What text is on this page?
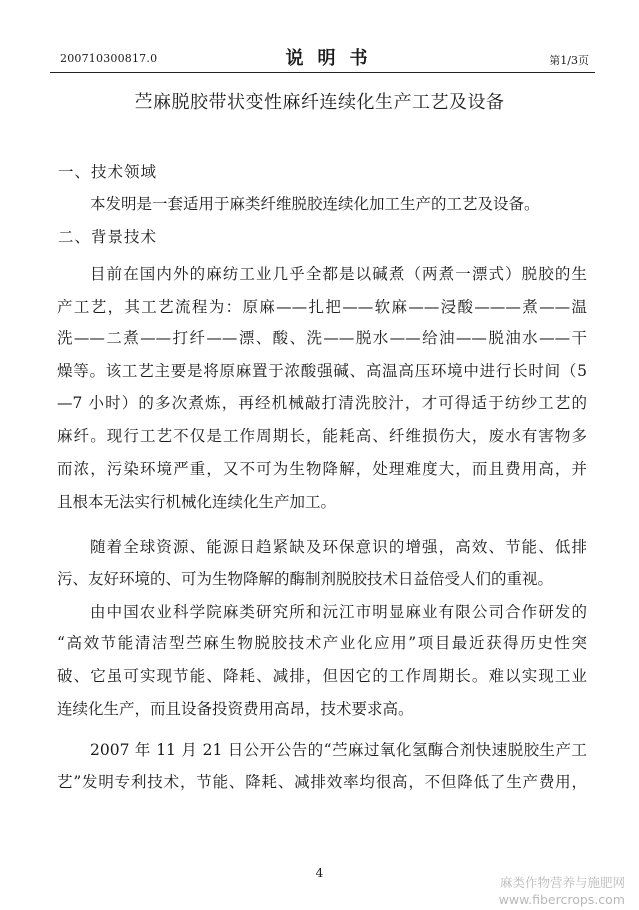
200710300817.0	说明书	第1/3页
苎麻脱胶带状变性麻纤连续化生产工艺及设备
一、技术领域
本发明是一套适用于麻类纤维脱胶连续化加工生产的工艺及设备。
二、背景技术
目前在国内外的麻纺工业几乎全都是以碱煮（两煮一漂式）脱胶的生
产工艺，其工艺流程为：原麻——扎把——软麻——浸酸———煮——温
洗——二煮——打纤——漂、酸、洗——脱水——给油——脱油水——干
燥等。该工艺主要是将原麻置于浓酸强碱、高温高压环境中进行长时间（5
—7 小时）的多次煮炼，再经机械敲打清洗胶汁，才可得适于纺纱工艺的
麻纤。现行工艺不仅是工作周期长，能耗高、纤维损伤大，废水有害物多
而浓，污染环境严重，又不可为生物降解，处理难度大，而且费用高，并
且根本无法实行机械化连续化生产加工。
随着全球资源、能源日趋紧缺及环保意识的增强，高效、节能、低排
污、友好环境的、可为生物降解的酶制剂脱胶技术日益倍受人们的重视。
由中国农业科学院麻类研究所和沅江市明显麻业有限公司合作研发的
“高效节能清洁型苎麻生物脱胶技术产业化应用”项目最近获得历史性突
破、它虽可实现节能、降耗、减排，但因它的工作周期长。难以实现工业
连续化生产，而且设备投资费用高昂，技术要求高。
2007 年 11 月 21 日公开公告的“苎麻过氧化氢酶合剂快速脱胶生产工
艺”发明专利技术，节能、降耗、减排效率均很高，不但降低了生产费用，
4
麻类作物营养与施肥网
www.fibercrops.com
